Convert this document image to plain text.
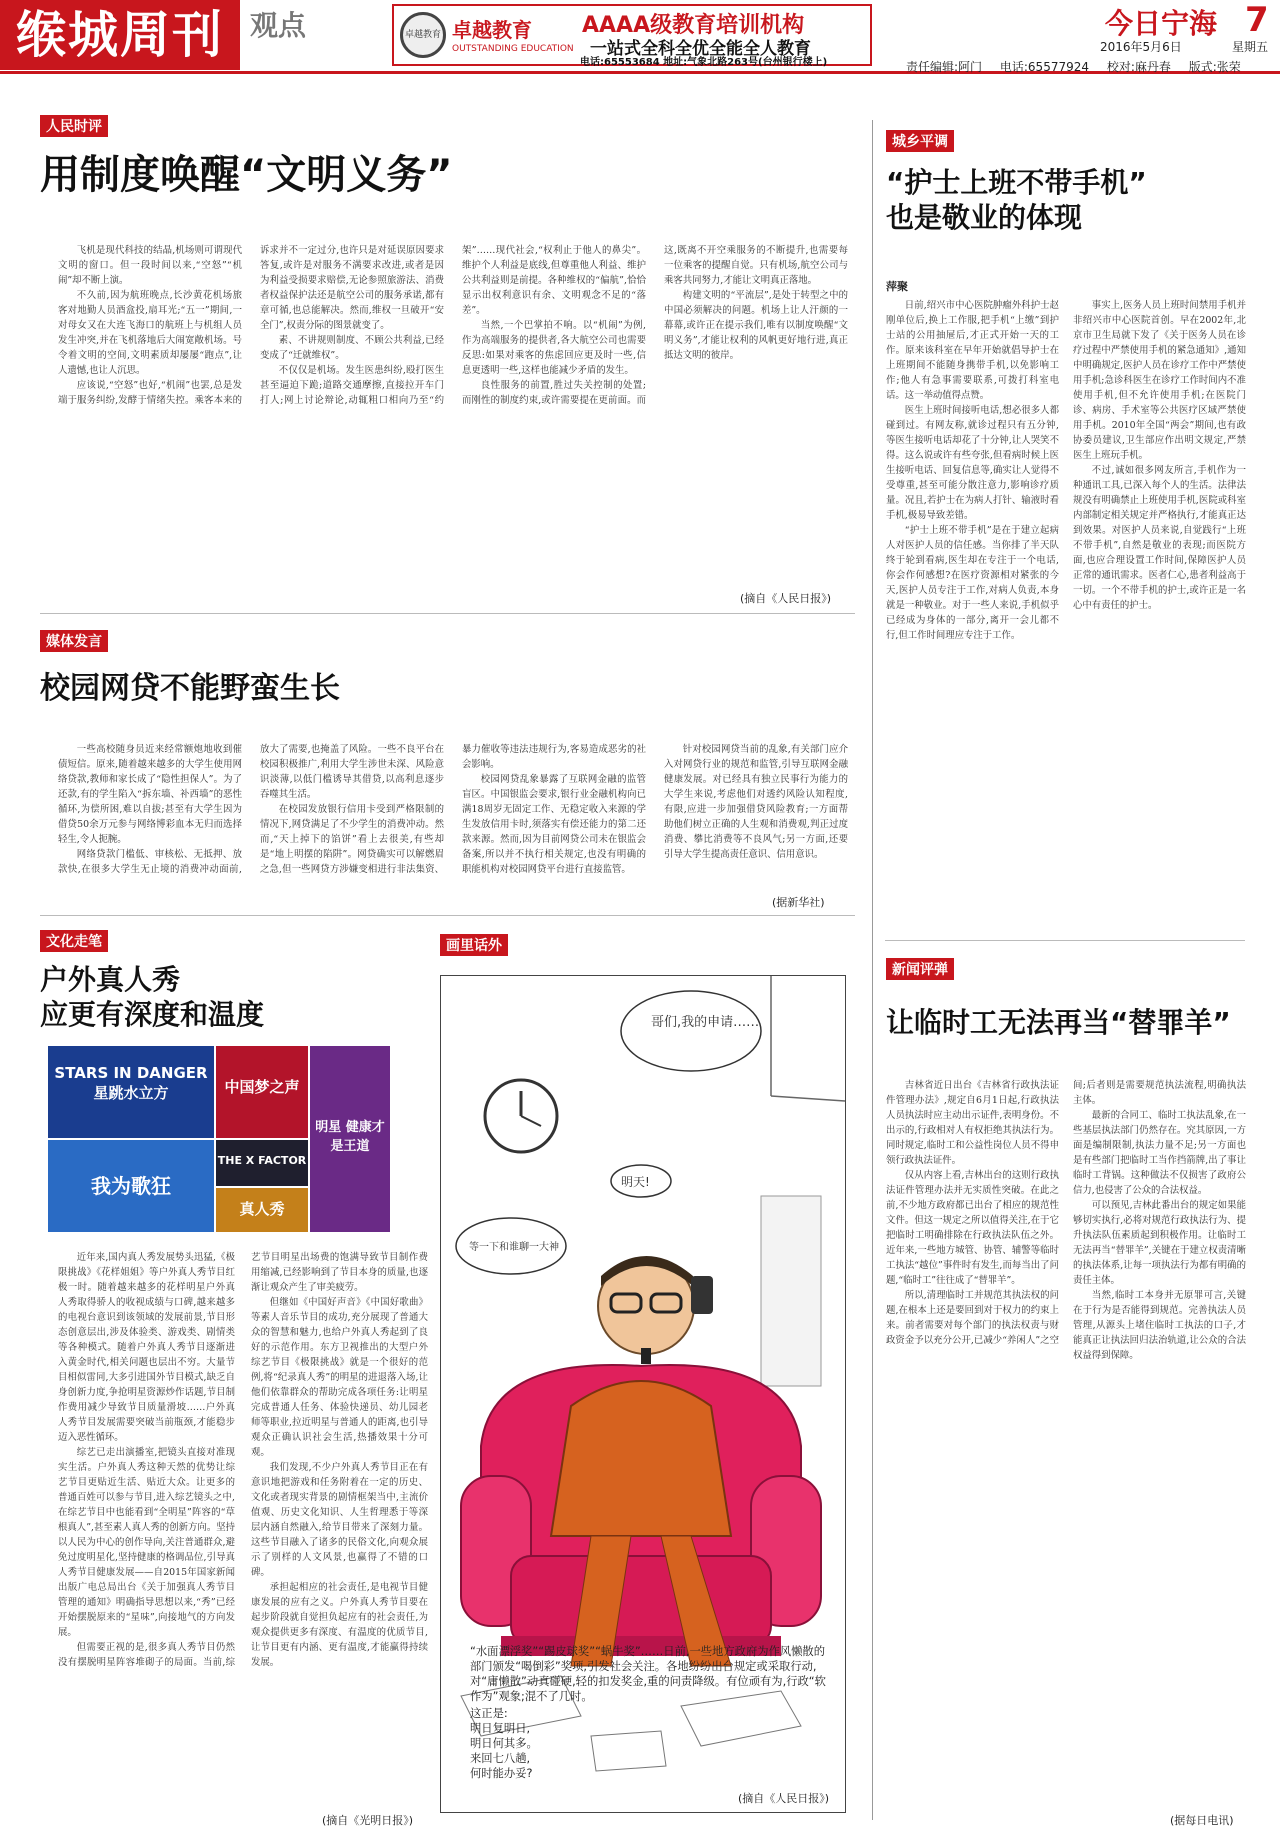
缑城周刊 观点	卓越教育 卓越教育
OUTSTANDING EDUCATION
AAAA级教育培训机构
一站式全科全优全能全人教育
电话:65553684 地址:气象北路263号(台州银行楼上)
今日宁海 7
2016年5月6日	星期五
责任编辑:阿门 电话:65577924 校对:麻丹春 版式:张荣
人民时评
用制度唤醒“文明义务”

飞机是现代科技的结晶,机场则可谓现代文明的窗口。但一段时间以来,“空怒”“机闹”却不断上演。

不久前,因为航班晚点,长沙黄花机场旅客对地勤人员酒盒投,扇耳光;“五一”期间,一对母女又在大连飞海口的航班上与机组人员发生冲突,并在飞机落地后大闹宽敞机场。号令着文明的空间,文明素质却屡屡“跑点”,让人遗憾,也让人沉思。

应该说,“空怒”也好,“机闹”也罢,总是发端于服务纠纷,发酵于情绪失控。乘客本来的诉求并不一定过分,也许只是对延误原因要求答复,或许是对服务不满要求改进,或者是因为利益受损要求赔偿,无论参照旅游法、消费者权益保护法还是航空公司的服务承诺,都有章可循,也总能解决。然而,维权一旦破开“安全门”,权责分际的图景就变了。

素、不讲规则制度、不顾公共利益,已经变成了“迁就维权”。

不仅仅是机场。发生医患纠纷,殴打医生甚至逼迫下跪;道路交通摩擦,直接拉开车门打人;网上讨论辩论,动辄粗口相向乃至“约架”……现代社会,“权利止于他人的鼻尖”。维护个人利益是底线,但尊重他人利益、维护公共利益则是前提。各种维权的“偏航”,恰恰显示出权利意识有余、文明观念不足的“落差”。

当然,一个巴掌拍不响。以“机闹”为例,作为高端服务的提供者,各大航空公司也需要反思:如果对乘客的焦虑回应更及时一些,信息更透明一些,这样也能减少矛盾的发生。

良性服务的前置,胜过失关控制的处置;而刚性的制度约束,或许需要提在更前面。而这,既离不开空乘服务的不断提升,也需要每一位乘客的提醒自觉。只有机场,航空公司与乘客共同努力,才能让文明真正落地。

构建文明的“平流层”,是处于转型之中的中国必须解决的问题。机场上让人汗颜的一幕幕,或许正在提示我们,唯有以制度唤醒“文明义务”,才能让权利的风帆更好地行进,真正抵达文明的彼岸。

(摘自《人民日报》)
媒体发言
校园网贷不能野蛮生长

一些高校随身员近来经常额炮地收到催债短信。原来,随着越来越多的大学生使用网络贷款,教师和家长成了“隐性担保人”。为了还款,有的学生陷入“拆东墙、补西墙”的恶性循环,为偿所困,难以自拔;甚至有大学生因为借贷50余万元参与网络博彩血本无归而选择轻生,令人扼腕。

网络贷款门槛低、审核松、无抵押、放款快,在很多大学生无止境的消费冲动面前,放大了需要,也掩盖了风险。一些不良平台在校园积极推广,利用大学生涉世未深、风险意识淡薄,以低门槛诱导其借贷,以高利息逐步吞噬其生活。

在校园发放银行信用卡受到严格限制的情况下,网贷满足了不少学生的消费冲动。然而,“天上掉下的馅饼”看上去很美,有些却是“地上明摆的陷阱”。网贷确实可以解燃眉之急,但一些网贷方涉嫌变相进行非法集资、暴力催收等违法违规行为,客易造成恶劣的社会影响。

校园网贷乱象暴露了互联网金融的监管盲区。中国银监会要求,银行业金融机构向已满18周岁无固定工作、无稳定收入来源的学生发放信用卡时,须落实有偿还能力的第二还款来源。然而,因为目前网贷公司未在银监会备案,所以并不执行相关规定,也没有明确的职能机构对校园网贷平台进行直接监管。

针对校园网贷当前的乱象,有关部门应介入对网贷行业的规范和监管,引导互联网金融健康发展。对已经具有独立民事行为能力的大学生来说,考虑他们对透约风险认知程度,有限,应进一步加强借贷风险教育;一方面帮助他们树立正确的人生观和消费观,判正过度消费、攀比消费等不良风气;另一方面,还要引导大学生提高责任意识、信用意识。

(据新华社)
文化走笔
户外真人秀
应更有深度和温度
STARS IN DANGER 星跳水立方	中国梦之声
明星 健康才是王道
我为歌狂
THE X FACTOR
真人秀

近年来,国内真人秀发展势头迅猛,《极限挑战》《花样姐姐》等户外真人秀节目红极一时。随着越来越多的花样明星户外真人秀取得骄人的收视成绩与口碑,越来越多的电视台意识到该领域的发展前景,节目形态创意层出,涉及体验类、游戏类、剧情类等各种模式。随着户外真人秀节目逐渐进入黄金时代,相关问题也层出不穷。大量节目相似雷同,大多引进国外节目模式,缺乏自身创新力度,争抢明星资源炒作话题,节目制作费用减少导致节目质量滑坡……户外真人秀节目发展需要突破当前瓶颈,才能稳步迈入恶性循环。

综艺已走出演播室,把镜头直接对准现实生活。户外真人秀这种天然的优势让综艺节目更贴近生活、贴近大众。让更多的普通百姓可以参与节目,进入综艺镜头之中,在综艺节目中也能看到“全明星”阵容的“草根真人”,甚至素人真人秀的创新方向。坚持以人民为中心的创作导向,关注普通群众,避免过度明星化,坚持健康的格调品位,引导真人秀节目健康发展——自2015年国家新闻出版广电总局出台《关于加强真人秀节目管理的通知》明确指导思想以来,“秀”已经开始摆脱原来的“星味”,向接地气的方向发展。

但需要正视的是,很多真人秀节目仍然没有摆脱明星阵容堆砌子的局面。当前,综艺节目明星出场费的饱满导致节目制作费用缩减,已经影响到了节目本身的质量,也逐渐让观众产生了审美疲劳。

但继如《中国好声音》《中国好歌曲》等素人音乐节目的成功,充分展现了普通大众的智慧和魅力,也给户外真人秀起到了良好的示范作用。东方卫视推出的大型户外综艺节目《极限挑战》就是一个很好的范例,将“纪录真人秀”的明星的进退落入场,让他们依靠群众的帮助完成各项任务:让明星完成普通人任务、体验快递员、幼儿园老师等职业,拉近明星与普通人的距离,也引导观众正确认识社会生活,热播效果十分可观。

我们发现,不少户外真人秀节目正在有意识地把游戏和任务附着在一定的历史、文化或者现实背景的剧情框架当中,主流价值观、历史文化知识、人生哲理悉于等深层内涵自然融入,给节目带来了深刻力量。这些节目融入了诸多的民俗文化,向观众展示了别样的人文风景,也赢得了不错的口碑。

承担起相应的社会责任,是电视节目健康发展的应有之义。户外真人秀节目要在起步阶段就自觉担负起应有的社会责任,为观众提供更多有深度、有温度的优质节目,让节目更有内涵、更有温度,才能赢得持续发展。

(摘自《光明日报》)
画里话外
哥们,我的申请……
明天!
等一下和谁聊一大神

“水面漂浮奖”“踢皮球奖”“蜗牛奖”……日前,一些地方政府为作风懒散的部门颁发“喝倒彩”奖项,引发社会关注。各地纷纷出台规定或采取行动,对“庸懒散”动真碰硬,轻的扣发奖金,重的问责降级。有位顽有为,行政“软作为”观象;混不了几时。

这正是:

明日复明日,

明日何其多。

来回七八趟,

何时能办妥?

(摘自《人民日报》)
城乡平调
“护士上班不带手机”
也是敬业的体现
萍聚

日前,绍兴市中心医院肿瘤外科护士赵刚单位后,换上工作服,把手机“上缴”到护士站的公用抽屉后,才正式开始一天的工作。原来该科室在早年开始就倡导护士在上班期间不能随身携带手机,以免影响工作;他人有急事需要联系,可拨打科室电话。这一举动值得点赞。

医生上班时间接听电话,想必很多人都碰到过。有网友称,就诊过程只有五分钟,等医生接听电话却花了十分钟,让人哭笑不得。这么说或许有些夸张,但看病时候上医生接听电话、回复信息等,确实让人觉得不受尊重,甚至可能分散注意力,影响诊疗质量。况且,若护士在为病人打针、输液时看手机,极易导致差错。

“护士上班不带手机”是在于建立起病人对医护人员的信任感。当你排了半天队终于轮到看病,医生却在专注于一个电话,你会作何感想?在医疗资源相对紧张的今天,医护人员专注于工作,对病人负责,本身就是一种敬业。对于一些人来说,手机似乎已经成为身体的一部分,离开一会儿都不行,但工作时间理应专注于工作。

事实上,医务人员上班时间禁用手机并非绍兴市中心医院首创。早在2002年,北京市卫生局就下发了《关于医务人员在诊疗过程中严禁使用手机的紧急通知》,通知中明确规定,医护人员在诊疗工作中严禁使用手机;急诊科医生在诊疗工作时间内不准使用手机,但不允许使用手机;在医院门诊、病房、手术室等公共医疗区域严禁使用手机。2010年全国“两会”期间,也有政协委员建议,卫生部应作出明文规定,严禁医生上班玩手机。

不过,诚如很多网友所言,手机作为一种通讯工具,已深入每个人的生活。法律法规没有明确禁止上班使用手机,医院或科室内部制定相关规定并严格执行,才能真正达到效果。对医护人员来说,自觉践行“上班不带手机”,自然是敬业的表现;而医院方面,也应合理设置工作时间,保障医护人员正常的通讯需求。医者仁心,患者利益高于一切。一个不带手机的护士,或许正是一名心中有责任的护士。

新闻评弹
让临时工无法再当“替罪羊”

吉林省近日出台《吉林省行政执法证件管理办法》,规定自6月1日起,行政执法人员执法时应主动出示证件,表明身份。不出示的,行政相对人有权拒绝其执法行为。同时规定,临时工和公益性岗位人员不得申领行政执法证件。

仅从内容上看,吉林出台的这则行政执法证件管理办法并无实质性突破。在此之前,不少地方政府都已出台了相应的规范性文件。但这一规定之所以值得关注,在于它把临时工明确排除在行政执法队伍之外。近年来,一些地方城管、协管、辅警等临时工执法“越位”事件时有发生,而每当出了问题,“临时工”往往成了“替罪羊”。

所以,清理临时工并规范其执法权的问题,在根本上还是要回到对于权力的约束上来。前者需要对每个部门的执法权责与财政资金予以充分公开,已减少“养闲人”之空间;后者则是需要规范执法流程,明确执法主体。

最新的合同工、临时工执法乱象,在一些基层执法部门仍然存在。究其原因,一方面是编制限制,执法力量不足;另一方面也是有些部门把临时工当作挡箭牌,出了事让临时工背锅。这种做法不仅损害了政府公信力,也侵害了公众的合法权益。

可以预见,吉林此番出台的规定如果能够切实执行,必将对规范行政执法行为、提升执法队伍素质起到积极作用。让临时工无法再当“替罪羊”,关键在于建立权责清晰的执法体系,让每一项执法行为都有明确的责任主体。

当然,临时工本身并无原罪可言,关键在于行为是否能得到规范。完善执法人员管理,从源头上堵住临时工执法的口子,才能真正让执法回归法治轨道,让公众的合法权益得到保障。

(据每日电讯)
